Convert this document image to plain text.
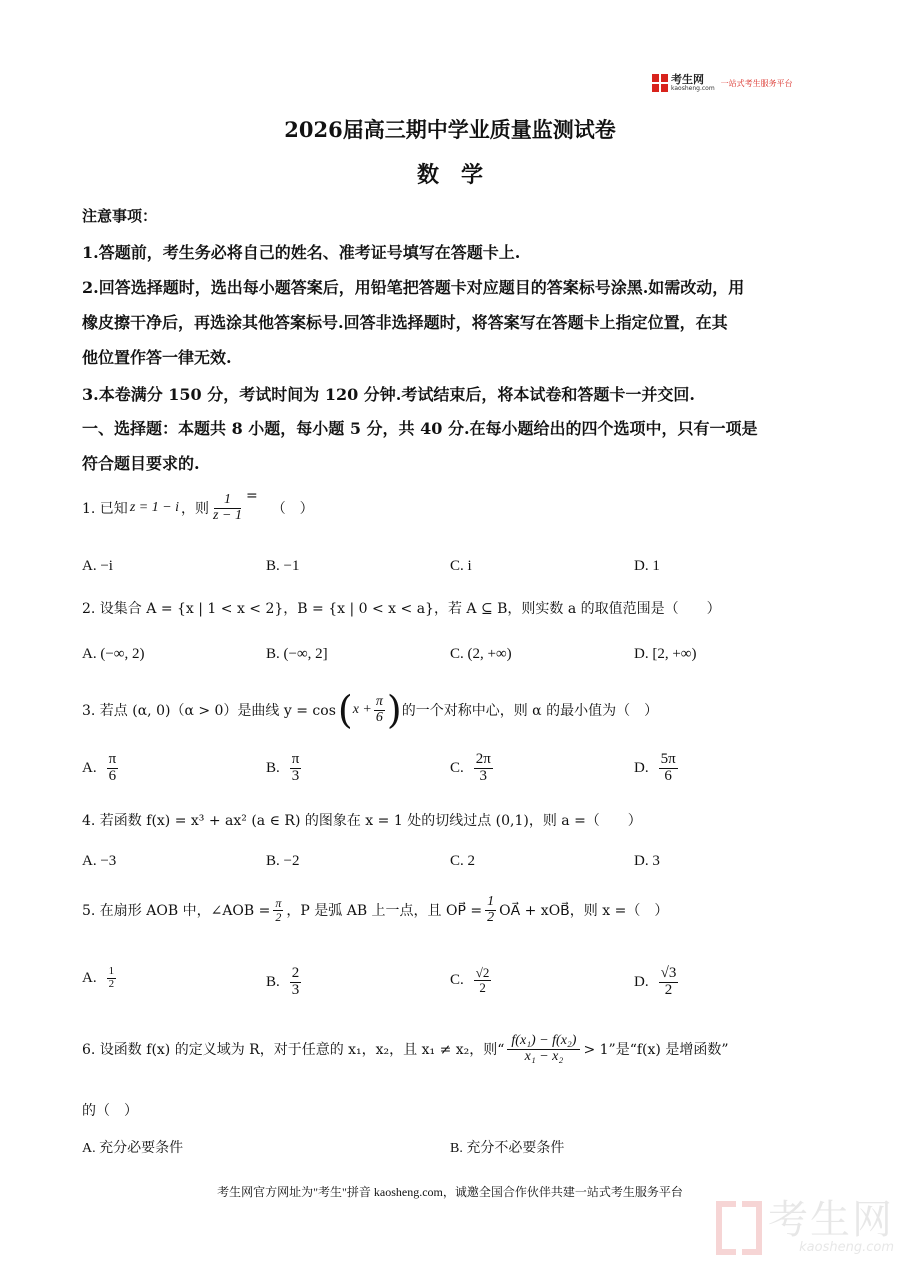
考生网
kaosheng.com
一站式考生服务平台
2026届高三期中学业质量监测试卷
数　学
注意事项：
1.答题前，考生务必将自己的姓名、准考证号填写在答题卡上.
2.回答选择题时，选出每小题答案后，用铅笔把答题卡对应题目的答案标号涂黑.如需改动，用
橡皮擦干净后，再选涂其他答案标号.回答非选择题时，将答案写在答题卡上指定位置，在其
他位置作答一律无效.
3.本卷满分 150 分，考试时间为 120 分钟.考试结束后，将本试卷和答题卡一并交回.
一、选择题：本题共 8 小题，每小题 5 分，共 40 分.在每小题给出的四个选项中，只有一项是
符合题目要求的.
1. 已知 z = 1 − i ，则 $\frac{1}{z - 1}$ =
（　）
A. −i	B. −1	C. i	D. 1
2. 设集合 A = {x | 1 < x < 2}，B = {x | 0 < x < a}，若 A ⊆ B，则实数 a 的取值范围是（　　）
A. (−∞, 2)	B. (−∞, 2]	C. (2, +∞)	D. [2, +∞)
3. 若点 (α, 0)（α > 0）是曲线 y = cos ( $x + \frac{\pi}{6}$ ) 的一个对称中心，则 α 的最小值为（　）
A. $\frac{\pi}{6}$	B. $\frac{\pi}{3}$	C. $\frac{2\pi}{3}$	D. $\frac{5\pi}{6}$
4. 若函数 f(x) = x³ + ax² (a ∈ R) 的图象在 x = 1 处的切线过点 (0,1)，则 a =（　　）
A. −3	B. −2	C. 2	D. 3
5. 在扇形 AOB 中，∠AOB = $\frac{\pi}{2}$ ，P 是弧 AB 上一点，且 OP⃗ = $\frac{1}{2}$ OA⃗ + xOB⃗，则 x =（　）
A. $\frac{1}{2}$	B. $\frac{2}{3}$	C. $\frac{√2}{2}$	D. $\frac{√3}{2}$
6. 设函数 f(x) 的定义域为 R，对于任意的 x₁，x₂，且 x₁ ≠ x₂，则“ $\frac{\text{f(x₁) − f(x₂)}}{\text{x₁ − x₂}} > 1$”是“f(x) 是增函数”
的（　）
A. 充分必要条件	B. 充分不必要条件
考生网官方网址为"考生"拼音 kaosheng.com，诚邀全国合作伙伴共建一站式考生服务平台
考生网
kaosheng.com
